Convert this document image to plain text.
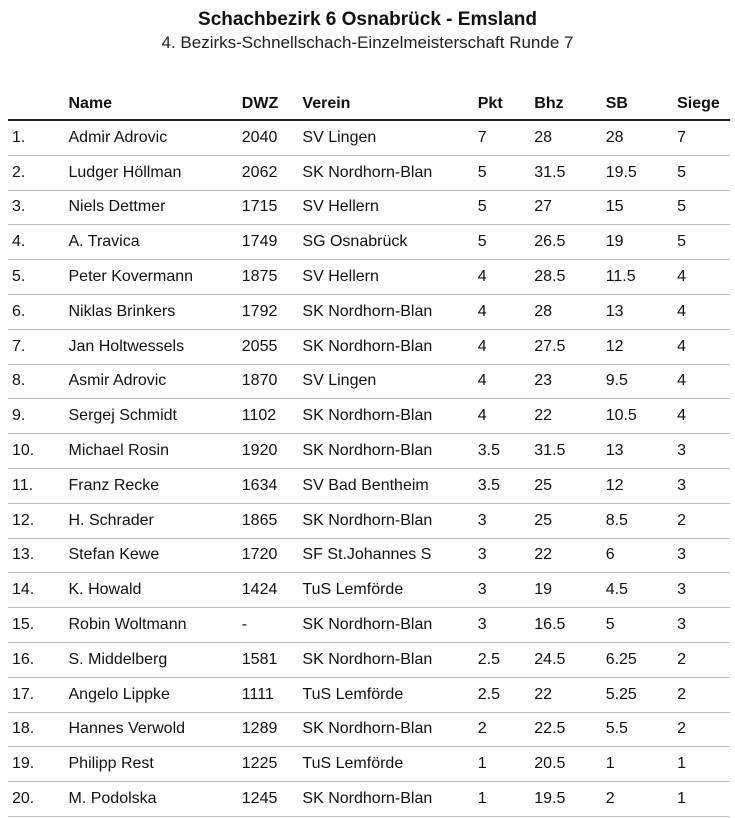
Schachbezirk 6 Osnabrück - Emsland
4. Bezirks-Schnellschach-Einzelmeisterschaft Runde 7
	Name	DWZ	Verein	Pkt	Bhz	SB	Siege
1.	Admir Adrovic	2040	SV Lingen	7	28	28	7
2.	Ludger Höllman	2062	SK Nordhorn-Blan	5	31.5	19.5	5
3.	Niels Dettmer	1715	SV Hellern	5	27	15	5
4.	A. Travica	1749	SG Osnabrück	5	26.5	19	5
5.	Peter Kovermann	1875	SV Hellern	4	28.5	11.5	4
6.	Niklas Brinkers	1792	SK Nordhorn-Blan	4	28	13	4
7.	Jan Holtwessels	2055	SK Nordhorn-Blan	4	27.5	12	4
8.	Asmir Adrovic	1870	SV Lingen	4	23	9.5	4
9.	Sergej Schmidt	1102	SK Nordhorn-Blan	4	22	10.5	4
10.	Michael Rosin	1920	SK Nordhorn-Blan	3.5	31.5	13	3
11.	Franz Recke	1634	SV Bad Bentheim	3.5	25	12	3
12.	H. Schrader	1865	SK Nordhorn-Blan	3	25	8.5	2
13.	Stefan Kewe	1720	SF St.Johannes S	3	22	6	3
14.	K. Howald	1424	TuS Lemförde	3	19	4.5	3
15.	Robin Woltmann	-	SK Nordhorn-Blan	3	16.5	5	3
16.	S. Middelberg	1581	SK Nordhorn-Blan	2.5	24.5	6.25	2
17.	Angelo Lippke	1111	TuS Lemförde	2.5	22	5.25	2
18.	Hannes Verwold	1289	SK Nordhorn-Blan	2	22.5	5.5	2
19.	Philipp Rest	1225	TuS Lemförde	1	20.5	1	1
20.	M. Podolska	1245	SK Nordhorn-Blan	1	19.5	2	1
